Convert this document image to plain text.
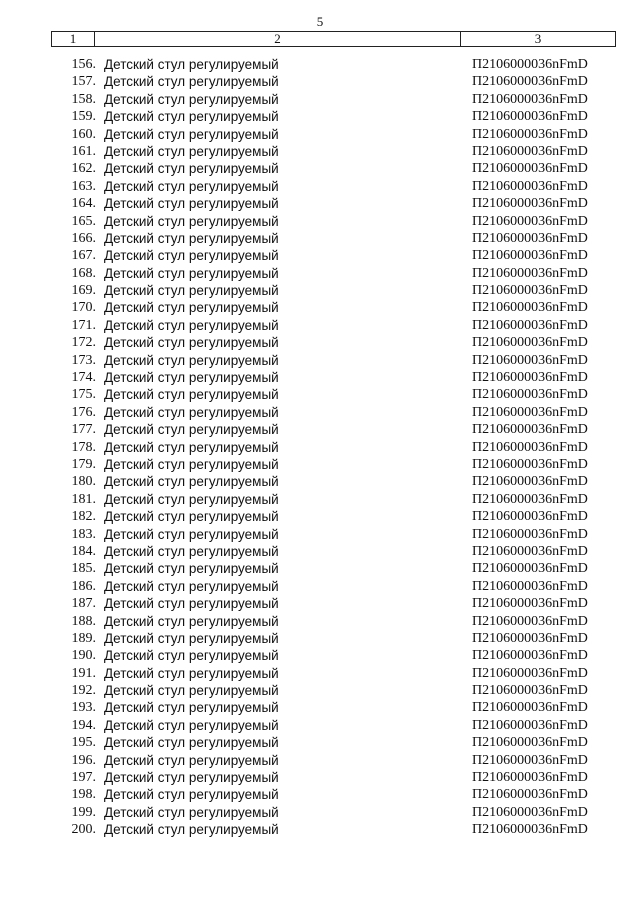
5
1	2	3
156. Детский стул регулируемый	П2106000036nFmD
157. Детский стул регулируемый	П2106000036nFmD
158. Детский стул регулируемый	П2106000036nFmD
159. Детский стул регулируемый	П2106000036nFmD
160. Детский стул регулируемый	П2106000036nFmD
161. Детский стул регулируемый	П2106000036nFmD
162. Детский стул регулируемый	П2106000036nFmD
163. Детский стул регулируемый	П2106000036nFmD
164. Детский стул регулируемый	П2106000036nFmD
165. Детский стул регулируемый	П2106000036nFmD
166. Детский стул регулируемый	П2106000036nFmD
167. Детский стул регулируемый	П2106000036nFmD
168. Детский стул регулируемый	П2106000036nFmD
169. Детский стул регулируемый	П2106000036nFmD
170. Детский стул регулируемый	П2106000036nFmD
171. Детский стул регулируемый	П2106000036nFmD
172. Детский стул регулируемый	П2106000036nFmD
173. Детский стул регулируемый	П2106000036nFmD
174. Детский стул регулируемый	П2106000036nFmD
175. Детский стул регулируемый	П2106000036nFmD
176. Детский стул регулируемый	П2106000036nFmD
177. Детский стул регулируемый	П2106000036nFmD
178. Детский стул регулируемый	П2106000036nFmD
179. Детский стул регулируемый	П2106000036nFmD
180. Детский стул регулируемый	П2106000036nFmD
181. Детский стул регулируемый	П2106000036nFmD
182. Детский стул регулируемый	П2106000036nFmD
183. Детский стул регулируемый	П2106000036nFmD
184. Детский стул регулируемый	П2106000036nFmD
185. Детский стул регулируемый	П2106000036nFmD
186. Детский стул регулируемый	П2106000036nFmD
187. Детский стул регулируемый	П2106000036nFmD
188. Детский стул регулируемый	П2106000036nFmD
189. Детский стул регулируемый	П2106000036nFmD
190. Детский стул регулируемый	П2106000036nFmD
191. Детский стул регулируемый	П2106000036nFmD
192. Детский стул регулируемый	П2106000036nFmD
193. Детский стул регулируемый	П2106000036nFmD
194. Детский стул регулируемый	П2106000036nFmD
195. Детский стул регулируемый	П2106000036nFmD
196. Детский стул регулируемый	П2106000036nFmD
197. Детский стул регулируемый	П2106000036nFmD
198. Детский стул регулируемый	П2106000036nFmD
199. Детский стул регулируемый	П2106000036nFmD
200. Детский стул регулируемый	П2106000036nFmD
